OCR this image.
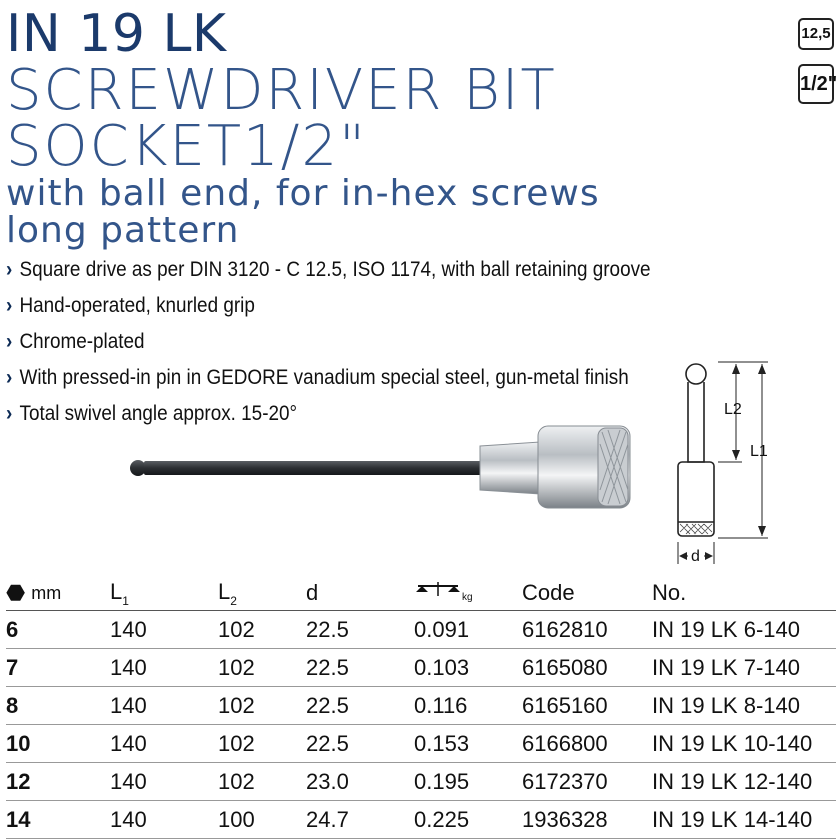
IN 19 LK
SCREWDRIVER BIT
SOCKET1/2"
with ball end, for in-hex screws
long pattern
12,5
1/2"
› Square drive as per DIN 3120 - C 12.5, ISO 1174, with ball retaining groove
› Hand-operated, knurled grip
› Chrome-plated
› With pressed-in pin in GEDORE vanadium special steel, gun-metal finish
› Total swivel angle approx. 15-20°	L2
L1
d
⬣ mm	$L_1$	$L_2$	d	kg	Code	No.
6	140	102	22.5	0.091	6162810	IN 19 LK 6-140
7	140	102	22.5	0.103	6165080	IN 19 LK 7-140
8	140	102	22.5	0.116	6165160	IN 19 LK 8-140
10	140	102	22.5	0.153	6166800	IN 19 LK 10-140
12	140	102	23.0	0.195	6172370	IN 19 LK 12-140
14	140	100	24.7	0.225	1936328	IN 19 LK 14-140
